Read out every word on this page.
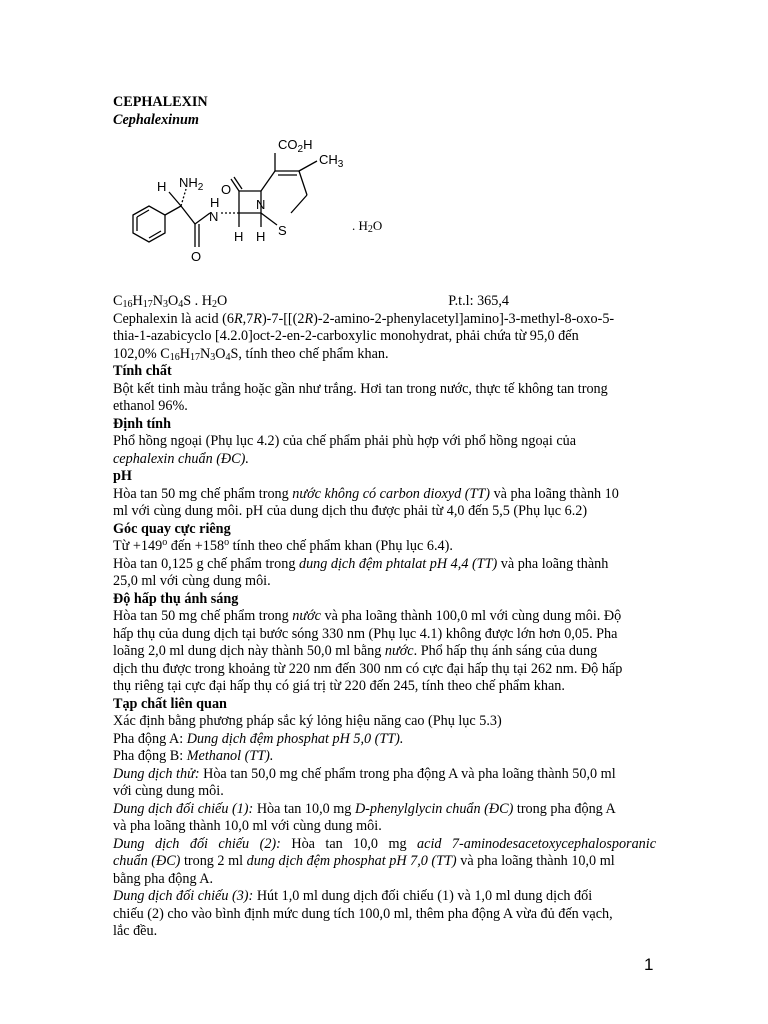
CEPHALEXIN

Cephalexinum

$CO_2H$
$CH_3$
O
N
S
H $NH_2$
H
N
O
H H
. $H_2O$
$C_{16}H_{17}N_3O_4S$ . $H_2O$	P.t.l: 365,4

Cephalexin là acid (6R,7R)-7-[[(2R)-2-amino-2-phenylacetyl]amino]-3-methyl-8-oxo-5-

thia-1-azabicyclo [4.2.0]oct-2-en-2-carboxylic monohydrat, phải chứa từ 95,0 đến

102,0% $C_{16}H_{17}N_3O_4S$, tính theo chế phẩm khan.

Tính chất

Bột kết tinh màu trắng hoặc gần như trắng. Hơi tan trong nước, thực tế không tan trong

ethanol 96%.

Định tính

Phổ hồng ngoại (Phụ lục 4.2) của chế phẩm phải phù hợp với phổ hồng ngoại của

cephalexin chuẩn (ĐC).

pH

Hòa tan 50 mg chế phẩm trong nước không có carbon dioxyd (TT) và pha loãng thành 10

ml với cùng dung môi. pH của dung dịch thu được phải từ 4,0 đến 5,5 (Phụ lục 6.2)

Góc quay cực riêng

Từ $+149^o$ đến $+158^o$ tính theo chế phẩm khan (Phụ lục 6.4).

Hòa tan 0,125 g chế phẩm trong dung dịch đệm phtalat pH 4,4 (TT) và pha loãng thành

25,0 ml với cùng dung môi.

Độ hấp thụ ánh sáng

Hòa tan 50 mg chế phẩm trong nước và pha loãng thành 100,0 ml với cùng dung môi. Độ

hấp thụ của dung dịch tại bước sóng 330 nm (Phụ lục 4.1) không được lớn hơn 0,05. Pha

loãng 2,0 ml dung dịch này thành 50,0 ml bằng nước. Phổ hấp thụ ánh sáng của dung

dịch thu được trong khoảng từ 220 nm đến 300 nm có cực đại hấp thụ tại 262 nm. Độ hấp

thụ riêng tại cực đại hấp thụ có giá trị từ 220 đến 245, tính theo chế phẩm khan.

Tạp chất liên quan

Xác định bằng phương pháp sắc ký lỏng hiệu năng cao (Phụ lục 5.3)

Pha động A: Dung dịch đệm phosphat pH 5,0 (TT).

Pha động B: Methanol (TT).

Dung dịch thử: Hòa tan 50,0 mg chế phẩm trong pha động A và pha loãng thành 50,0 ml

với cùng dung môi.

Dung dịch đối chiếu (1): Hòa tan 10,0 mg D-phenylglycin chuẩn (ĐC) trong pha động A

và pha loãng thành 10,0 ml với cùng dung môi.

Dung dịch đối chiếu (2): Hòa tan 10,0 mg acid 7-aminodesacetoxycephalosporanic

chuẩn (ĐC) trong 2 ml dung dịch đệm phosphat pH 7,0 (TT) và pha loãng thành 10,0 ml

bằng pha động A.

Dung dịch đối chiếu (3): Hút 1,0 ml dung dịch đối chiếu (1) và 1,0 ml dung dịch đối

chiếu (2) cho vào bình định mức dung tích 100,0 ml, thêm pha động A vừa đủ đến vạch,

lắc đều.

1
